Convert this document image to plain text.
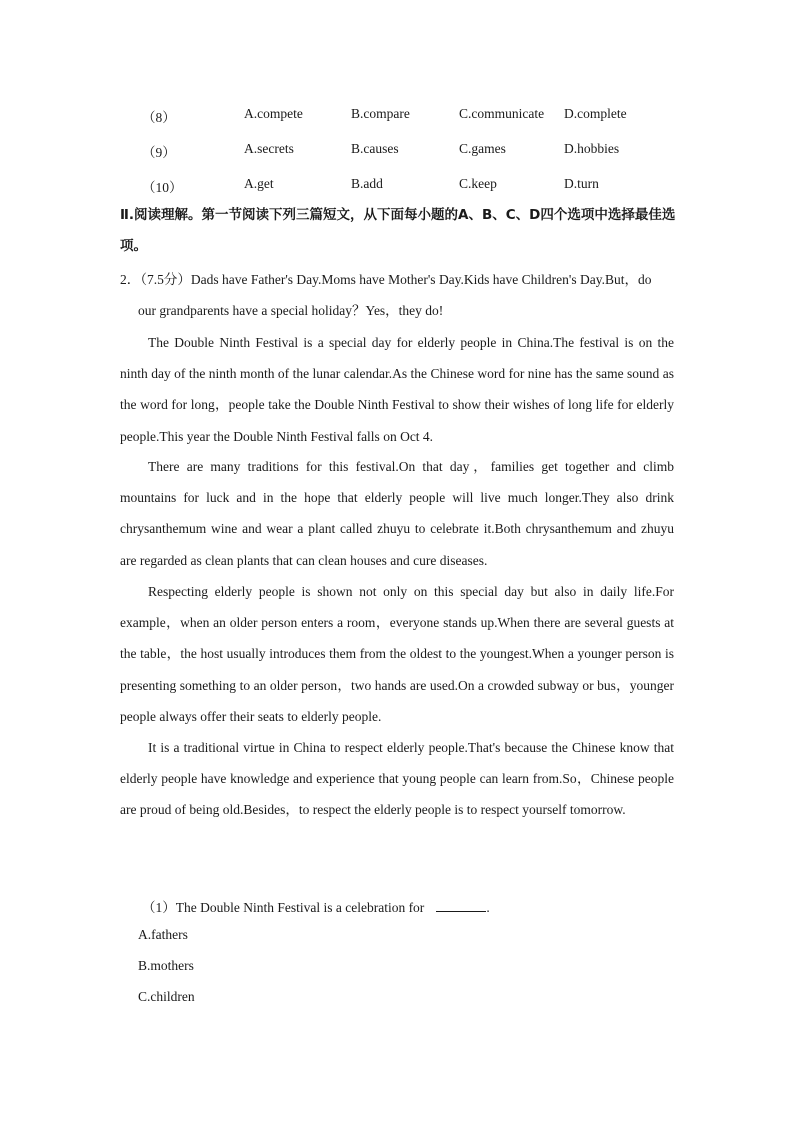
（8）	A.compete	B.compare	C.communicate D.complete
（9）	A.secrets	B.causes	C.games	D.hobbies
（10）	A.get	B.add	C.keep	D.turn
Ⅱ.阅读理解。第一节阅读下列三篇短文，从下面每小题的A、B、C、D四个选项中选择最佳选项。
2．（7.5分）Dads have Father's Day.Moms have Mother's Day.Kids have Children's Day.But，do
our grandparents have a special holiday？Yes，they do!
The Double Ninth Festival is a special day for elderly people in China.The festival is on the ninth day of the ninth month of the lunar calendar.As the Chinese word for nine has the same sound as the word for long，people take the Double Ninth Festival to show their wishes of long life for elderly people.This year the Double Ninth Festival falls on Oct 4.
There are many traditions for this festival.On that day，families get together and climb mountains for luck and in the hope that elderly people will live much longer.They also drink chrysanthemum wine and wear a plant called zhuyu to celebrate it.Both chrysanthemum and zhuyu are regarded as clean plants that can clean houses and cure diseases.
Respecting elderly people is shown not only on this special day but also in daily life.For example，when an older person enters a room，everyone stands up.When there are several guests at the table，the host usually introduces them from the oldest to the youngest.When a younger person is presenting something to an older person，two hands are used.On a crowded subway or bus，younger people always offer their seats to elderly people.
It is a traditional virtue in China to respect elderly people.That's because the Chinese know that elderly people have knowledge and experience that young people can learn from.So，Chinese people are proud of being old.Besides，to respect the elderly people is to respect yourself tomorrow.
（1）The Double Ninth Festival is a celebration for	.
A.fathers
B.mothers
C.children
